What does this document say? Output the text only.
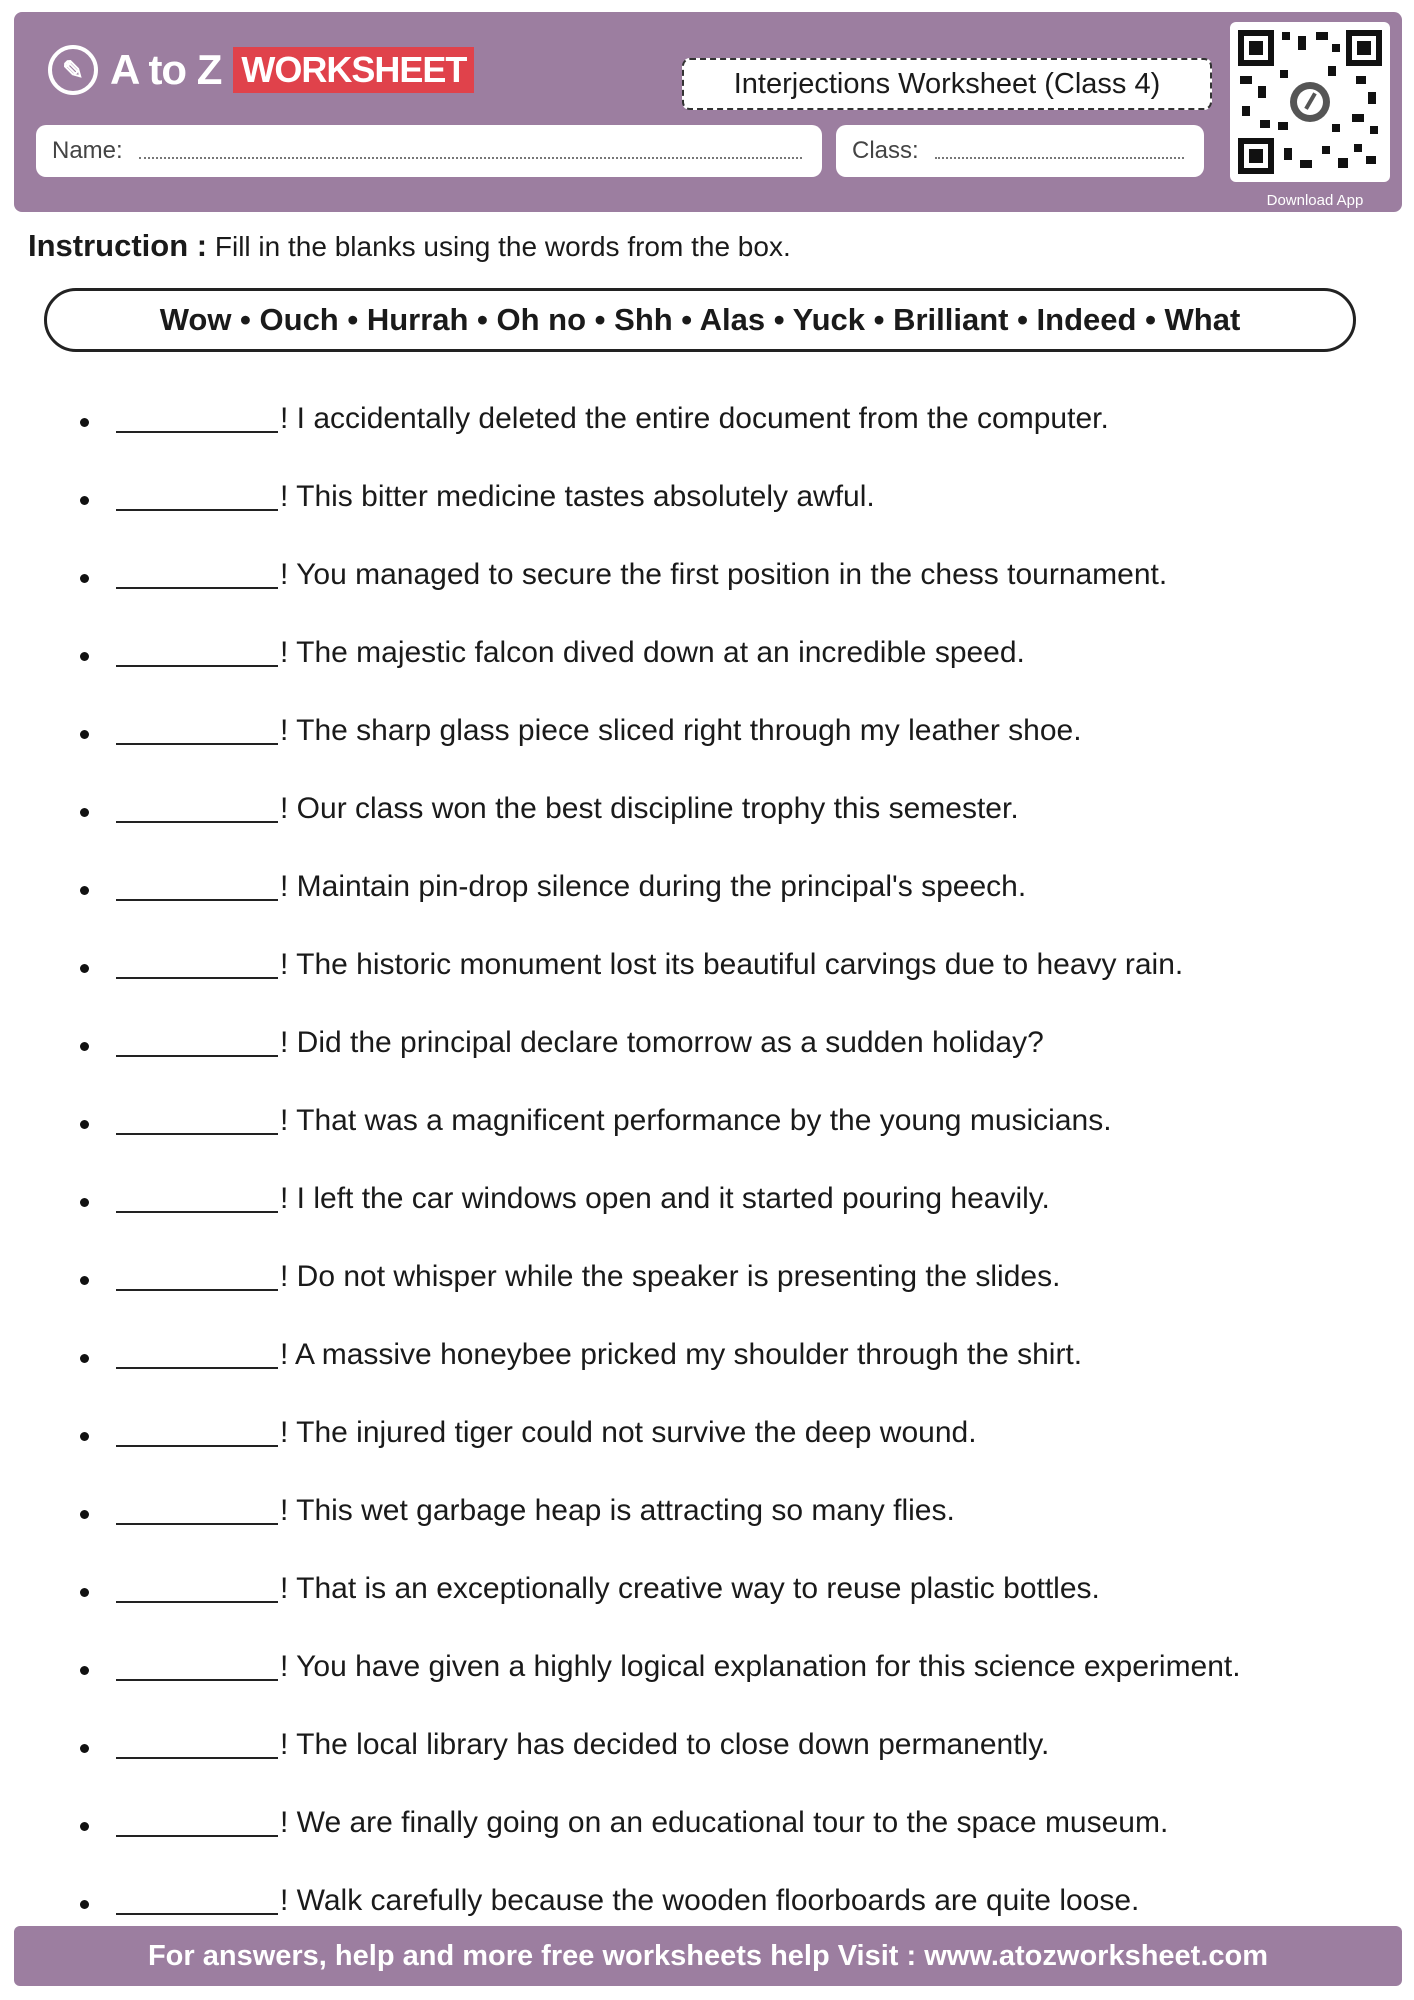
✎ A to Z WORKSHEET	Interjections Worksheet (Class 4)
Name:	Class:
Download App
Instruction : Fill in the blanks using the words from the box.
Wow • Ouch • Hurrah • Oh no • Shh • Alas • Yuck • Brilliant • Indeed • What
! I accidentally deleted the entire document from the computer.
! This bitter medicine tastes absolutely awful.
! You managed to secure the first position in the chess tournament.
! The majestic falcon dived down at an incredible speed.
! The sharp glass piece sliced right through my leather shoe.
! Our class won the best discipline trophy this semester.
! Maintain pin-drop silence during the principal's speech.
! The historic monument lost its beautiful carvings due to heavy rain.
! Did the principal declare tomorrow as a sudden holiday?
! That was a magnificent performance by the young musicians.
! I left the car windows open and it started pouring heavily.
! Do not whisper while the speaker is presenting the slides.
! A massive honeybee pricked my shoulder through the shirt.
! The injured tiger could not survive the deep wound.
! This wet garbage heap is attracting so many flies.
! That is an exceptionally creative way to reuse plastic bottles.
! You have given a highly logical explanation for this science experiment.
! The local library has decided to close down permanently.
! We are finally going on an educational tour to the space museum.
! Walk carefully because the wooden floorboards are quite loose.
For answers, help and more free worksheets help Visit : www.atozworksheet.com
